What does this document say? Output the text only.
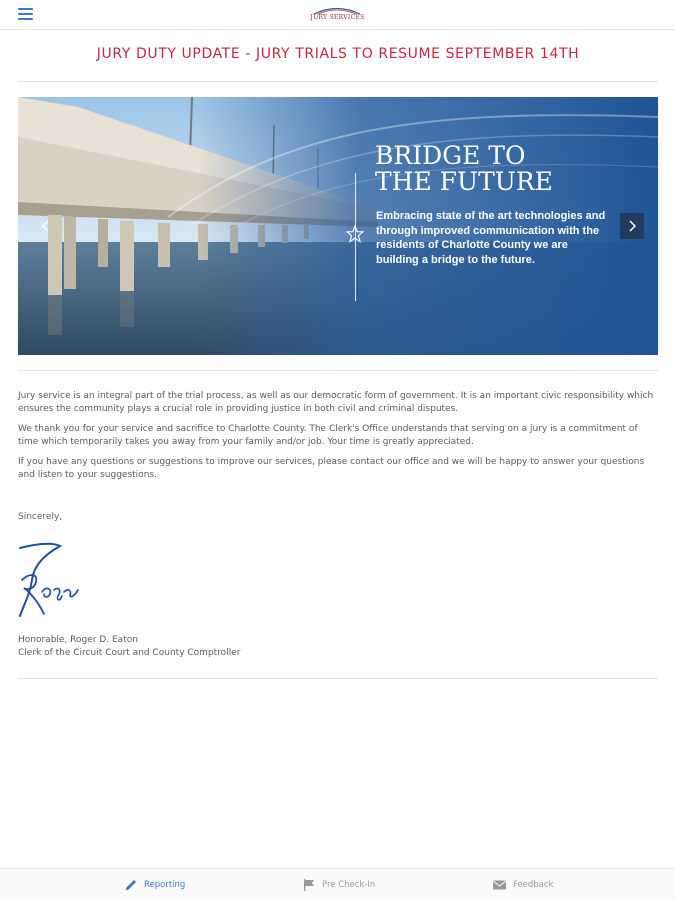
JURY SERVICES
JURY DUTY UPDATE - JURY TRIALS TO RESUME SEPTEMBER 14TH
BRIDGE TO
THE FUTURE
Embracing state of the art technologies and through improved communication with the residents of Charlotte County we are building a bridge to the future.

Jury service is an integral part of the trial process, as well as our democratic form of government. It is an important civic responsibility which ensures the community plays a crucial role in providing justice in both civil and criminal disputes.

We thank you for your service and sacrifice to Charlotte County. The Clerk's Office understands that serving on a jury is a commitment of time which temporarily takes you away from your family and/or job. Your time is greatly appreciated.

If you have any questions or suggestions to improve our services, please contact our office and we will be happy to answer your questions and listen to your suggestions.

Sincerely,
Honorable, Roger D. Eaton
Clerk of the Circuit Court and County Comptroller
Reporting	Pre Check-In	Feedback
